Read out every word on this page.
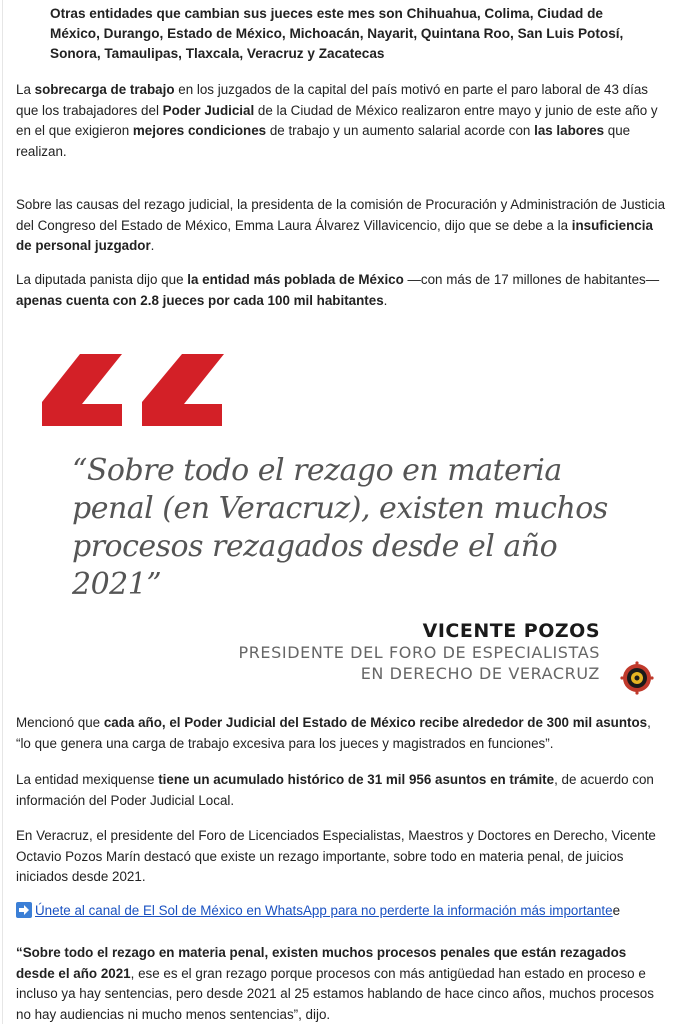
Otras entidades que cambian sus jueces este mes son Chihuahua, Colima, Ciudad de México, Durango, Estado de México, Michoacán, Nayarit, Quintana Roo, San Luis Potosí, Sonora, Tamaulipas, Tlaxcala, Veracruz y Zacatecas

La sobrecarga de trabajo en los juzgados de la capital del país motivó en parte el paro laboral de 43 días que los trabajadores del Poder Judicial de la Ciudad de México realizaron entre mayo y junio de este año y en el que exigieron mejores condiciones de trabajo y un aumento salarial acorde con las labores que realizan.

Sobre las causas del rezago judicial, la presidenta de la comisión de Procuración y Administración de Justicia del Congreso del Estado de México, Emma Laura Álvarez Villavicencio, dijo que se debe a la insuficiencia de personal juzgador.

La diputada panista dijo que la entidad más poblada de México —con más de 17 millones de habitantes— apenas cuenta con 2.8 jueces por cada 100 mil habitantes.

“Sobre todo el rezago en materia penal (en Veracruz), existen muchos procesos rezagados desde el año 2021”
VICENTE POZOS
PRESIDENTE DEL FORO DE ESPECIALISTAS EN DERECHO DE VERACRUZ

Mencionó que cada año, el Poder Judicial del Estado de México recibe alrededor de 300 mil asuntos, “lo que genera una carga de trabajo excesiva para los jueces y magistrados en funciones”.

La entidad mexiquense tiene un acumulado histórico de 31 mil 956 asuntos en trámite, de acuerdo con información del Poder Judicial Local.

En Veracruz, el presidente del Foro de Licenciados Especialistas, Maestros y Doctores en Derecho, Vicente Octavio Pozos Marín destacó que existe un rezago importante, sobre todo en materia penal, de juicios iniciados desde 2021.

Únete al canal de El Sol de México en WhatsApp para no perderte la información más importantee

“Sobre todo el rezago en materia penal, existen muchos procesos penales que están rezagados desde el año 2021, ese es el gran rezago porque procesos con más antigüedad han estado en proceso e incluso ya hay sentencias, pero desde 2021 al 25 estamos hablando de hace cinco años, muchos procesos no hay audiencias ni mucho menos sentencias”, dijo.
